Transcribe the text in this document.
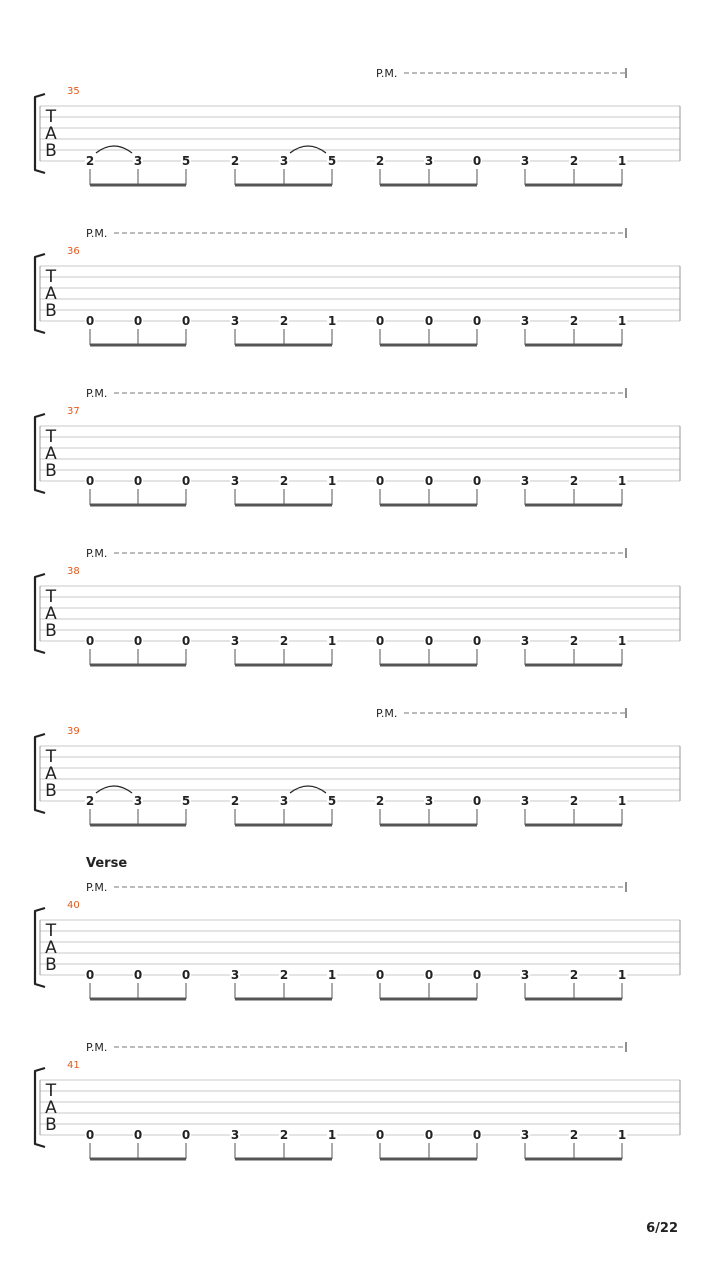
T
A
B
35
P.M.
2	3	5	2	3	5	2	3	0	3	2	1
T
A
B
36
P.M.
0	0	0	3	2	1	0	0	0	3	2	1
T
A
B
37
P.M.
0	0	0	3	2	1	0	0	0	3	2	1
T
A
B
38
P.M.
0	0	0	3	2	1	0	0	0	3	2	1
T
A
B
39
P.M.
2	3	5	2	3	5	2	3	0	3	2	1
T
A
B
40
Verse
P.M.
0	0	0	3	2	1	0	0	0	3	2	1
T
A
B
41
P.M.
0	0	0	3	2	1	0	0	0	3	2	1
6/22
